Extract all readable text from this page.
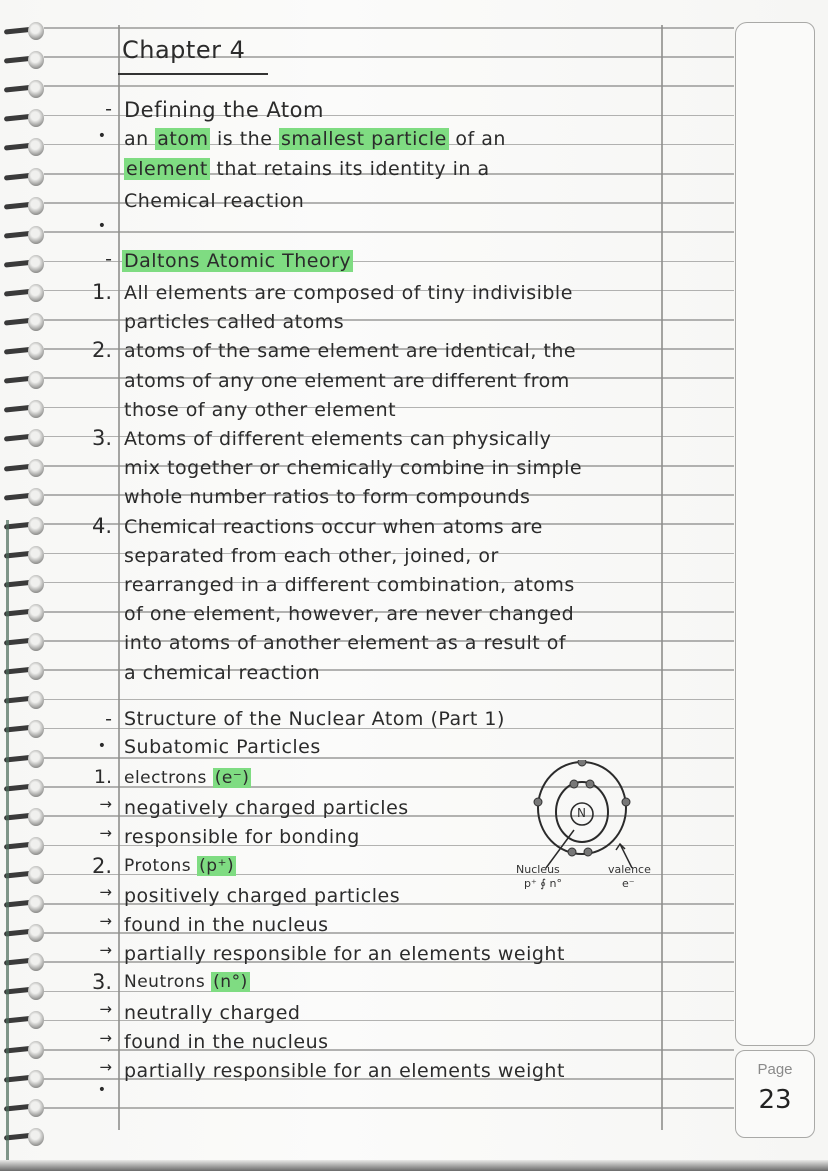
Page
23
Chapter 4
- Defining the Atom
• an atom is the smallest particle of an
element that retains its identity in a
Chemical reaction
•
- Daltons Atomic Theory
1. All elements are composed of tiny indivisible
particles called atoms
2. atoms of the same element are identical, the
atoms of any one element are different from
those of any other element
3. Atoms of different elements can physically
mix together or chemically combine in simple
whole number ratios to form compounds
4. Chemical reactions occur when atoms are
separated from each other, joined, or
rearranged in a different combination, atoms
of one element, however, are never changed
into atoms of another element as a result of
a chemical reaction
- Structure of the Nuclear Atom (Part 1)
• Subatomic Particles
1. electrons (e⁻)
→ negatively charged particles
→ responsible for bonding
2. Protons (p⁺)
→ positively charged particles
→ found in the nucleus
→ partially responsible for an elements weight
3. Neutrons (n°)
→ neutrally charged
→ found in the nucleus
→ partially responsible for an elements weight
•
N
Nucleus
p⁺ ∮ n°
valence
e⁻
